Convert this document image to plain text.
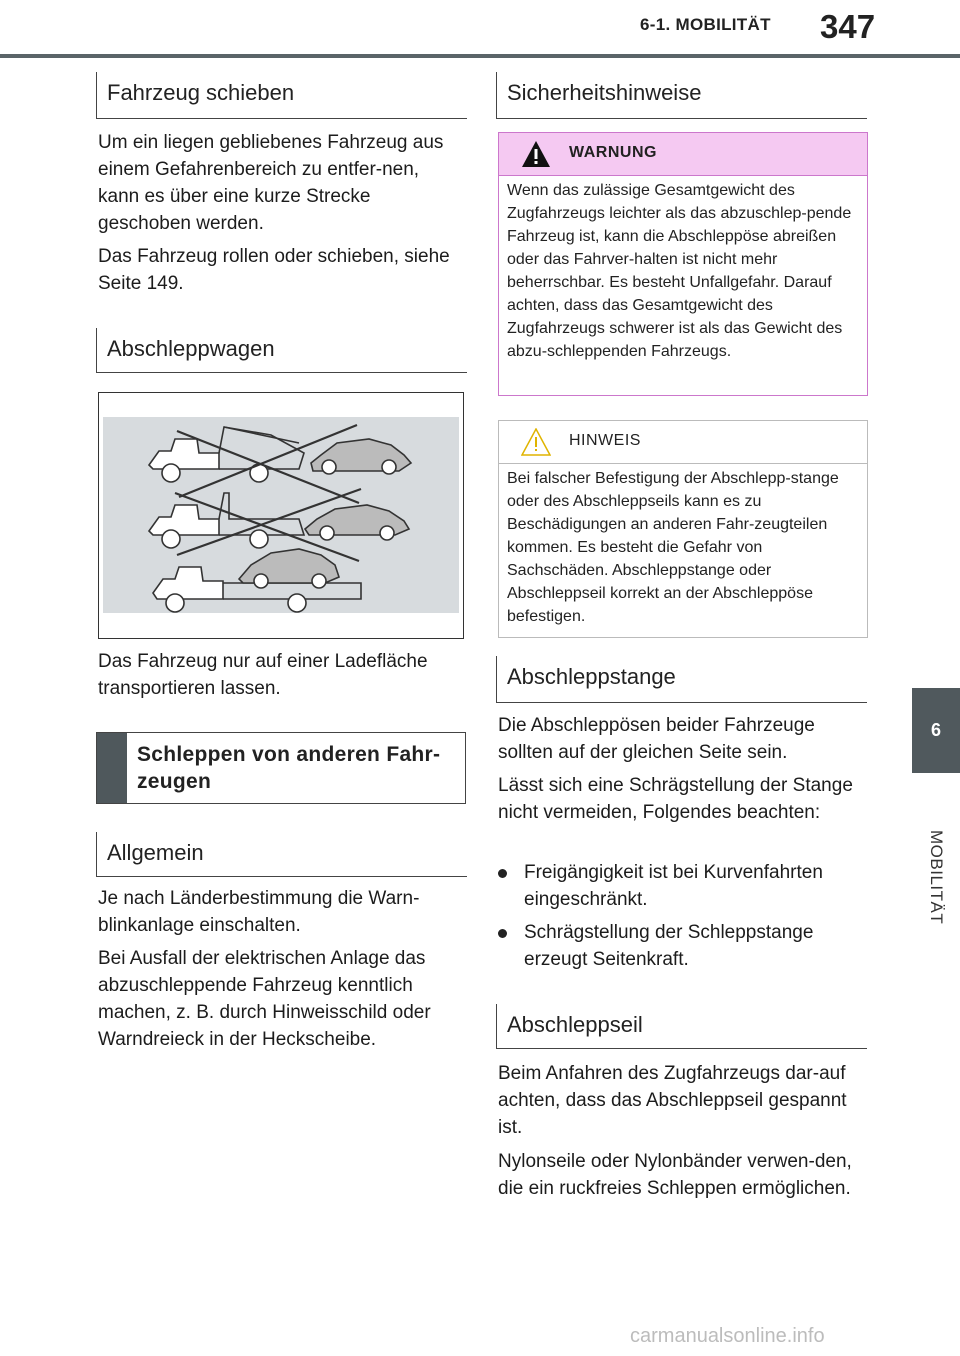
6-1. MOBILITÄT 347
6
MOBILITÄT
Fahrzeug schieben

Um ein liegen gebliebenes Fahrzeug aus einem Gefahrenbereich zu entfer-nen, kann es über eine kurze Strecke geschoben werden.

Das Fahrzeug rollen oder schieben, siehe Seite 149.

Abschleppwagen

Das Fahrzeug nur auf einer Ladefläche transportieren lassen.

Schleppen von anderen Fahr-zeugen
Allgemein

Je nach Länderbestimmung die Warn-blinkanlage einschalten.

Bei Ausfall der elektrischen Anlage das abzuschleppende Fahrzeug kenntlich machen, z. B. durch Hinweisschild oder Warndreieck in der Heckscheibe.

Sicherheitshinweise
WARNUNG
Wenn das zulässige Gesamtgewicht des Zugfahrzeugs leichter als das abzuschlep-pende Fahrzeug ist, kann die Abschleppöse abreißen oder das Fahrver-halten ist nicht mehr beherrschbar. Es besteht Unfallgefahr. Darauf achten, dass das Gesamtgewicht des Zugfahrzeugs schwerer ist als das Gewicht des abzu-schleppenden Fahrzeugs.
HINWEIS
Bei falscher Befestigung der Abschlepp-stange oder des Abschleppseils kann es zu Beschädigungen an anderen Fahr-zeugteilen kommen. Es besteht die Gefahr von Sachschäden. Abschleppstange oder Abschleppseil korrekt an der Abschleppöse befestigen.
Abschleppstange

Die Abschleppösen beider Fahrzeuge sollten auf der gleichen Seite sein.

Lässt sich eine Schrägstellung der Stange nicht vermeiden, Folgendes beachten:

Freigängigkeit ist bei Kurvenfahrten eingeschränkt.
Schrägstellung der Schleppstange erzeugt Seitenkraft.
Abschleppseil

Beim Anfahren des Zugfahrzeugs dar-auf achten, dass das Abschleppseil gespannt ist.

Nylonseile oder Nylonbänder verwen-den, die ein ruckfreies Schleppen ermöglichen.

carmanualsonline.info
